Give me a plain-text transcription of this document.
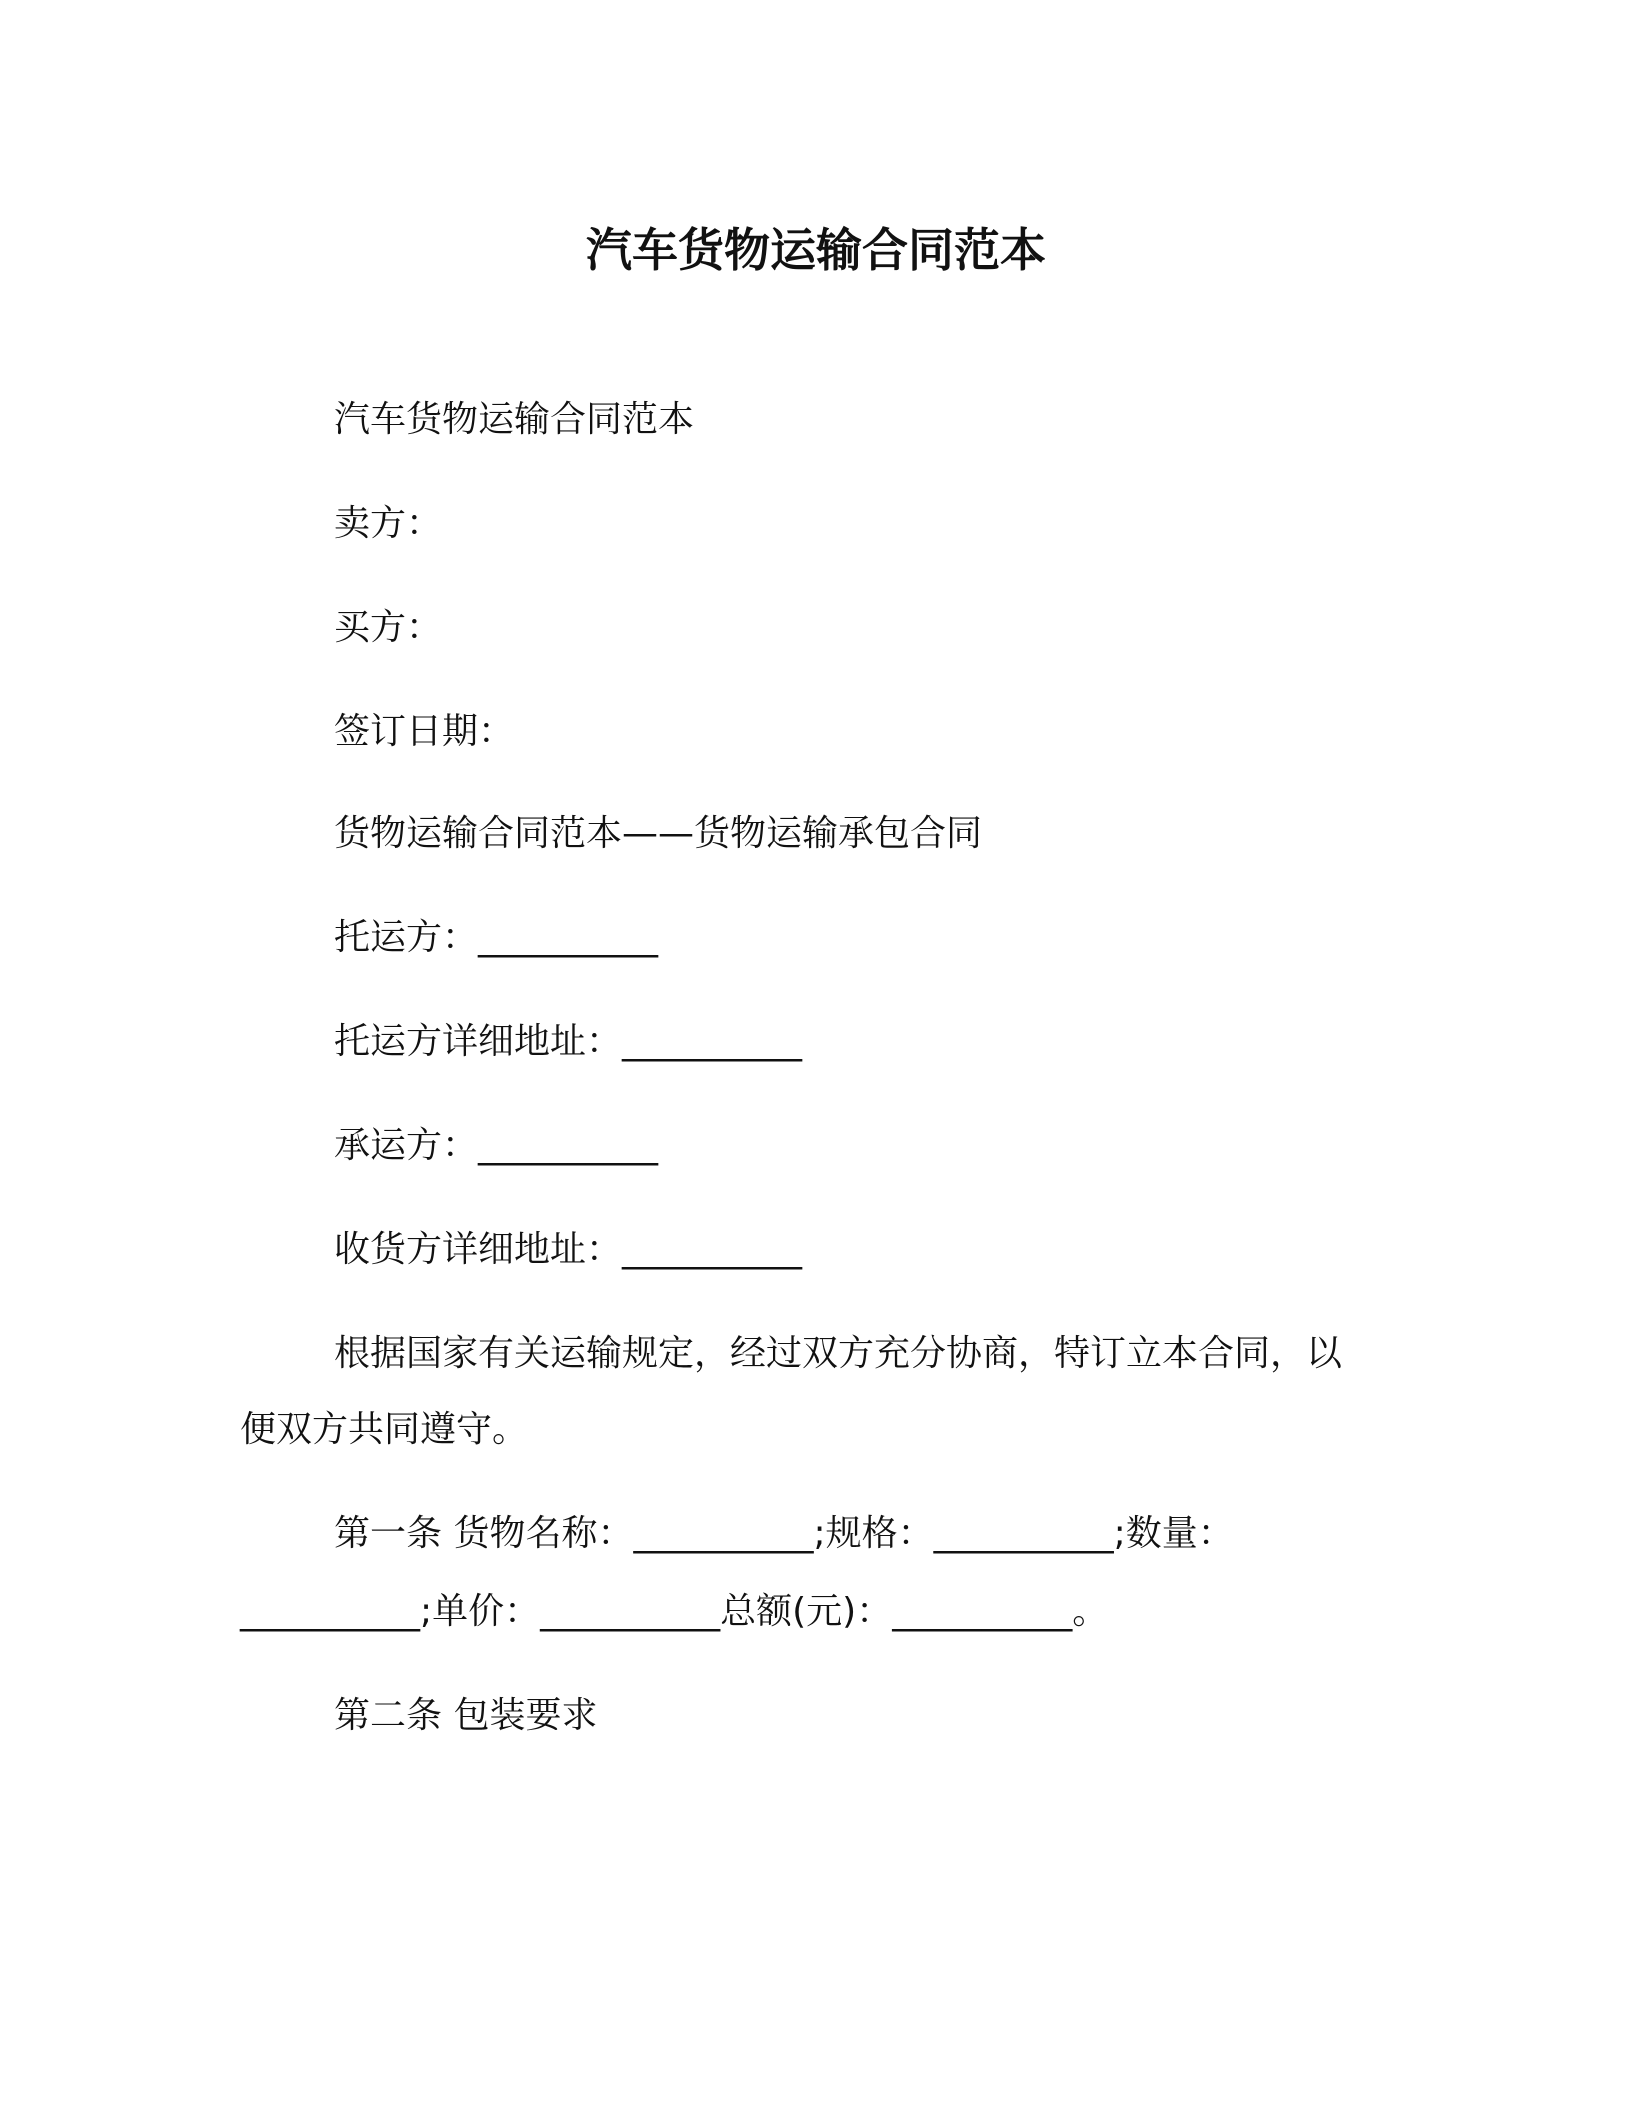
汽车货物运输合同范本
汽车货物运输合同范本
卖方：
买方：
签订日期：
货物运输合同范本——货物运输承包合同
托运方：__________
托运方详细地址：__________
承运方：__________
收货方详细地址：__________
根据国家有关运输规定，经过双方充分协商，特订立本合同，以
便双方共同遵守。
第一条 货物名称：__________;规格：__________;数量：
__________;单价：__________总额(元)：__________。
第二条 包装要求
